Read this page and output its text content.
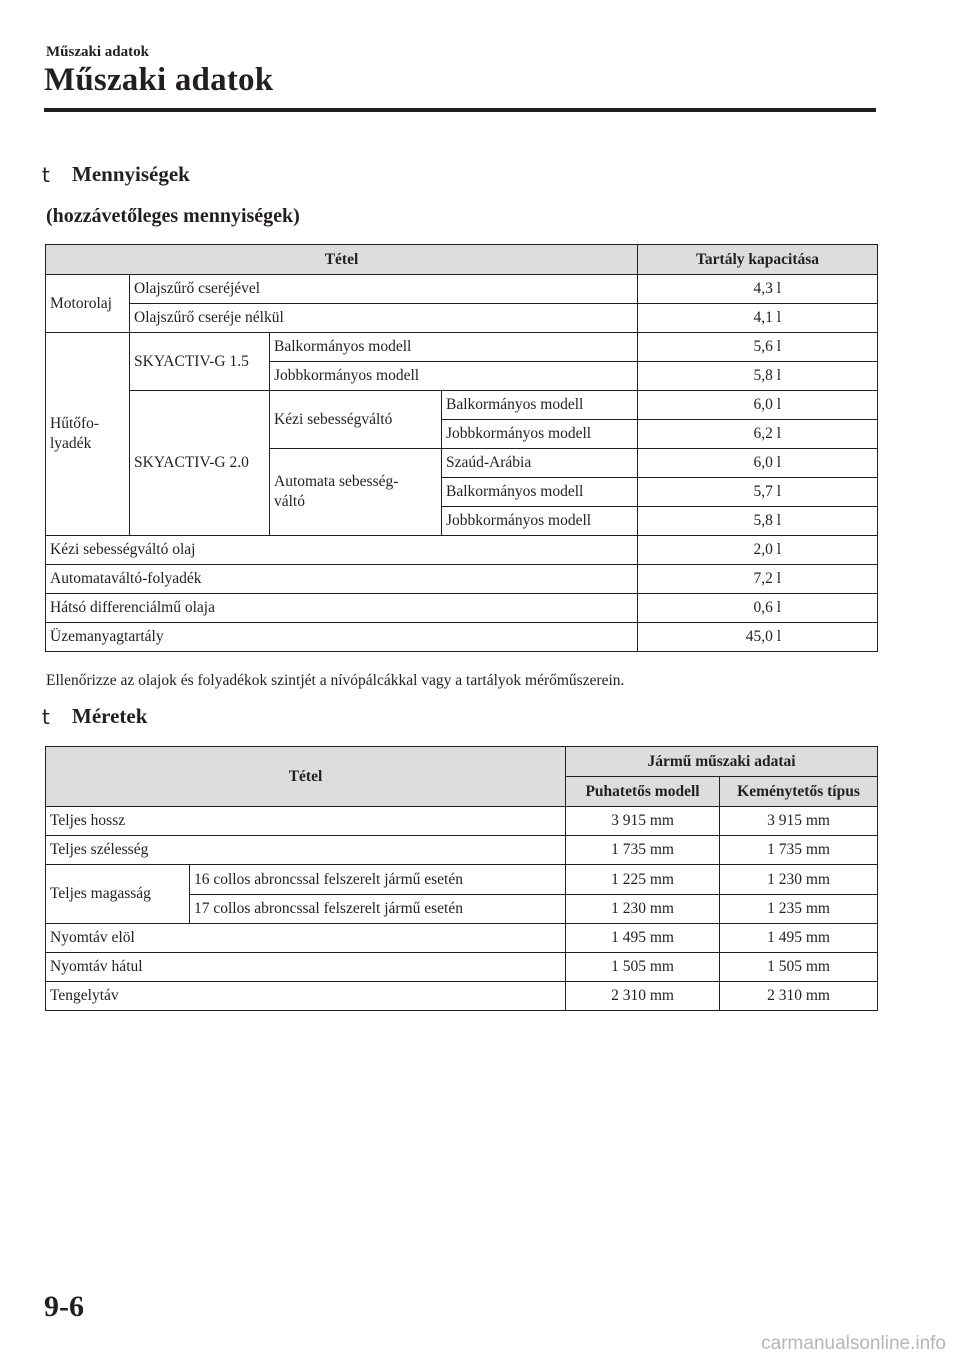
Műszaki adatok
Műszaki adatok
t	Mennyiségek
(hozzávetőleges mennyiségek)
Tétel				Tartály kapacitása
Motorolaj	Olajszűrő cseréjével			4,3 l
	Olajszűrő cseréje nélkül			4,1 l
Hűtőfo-
lyadék	SKYACTIV-G 1.5	Balkormányos modell		5,6 l
		Jobbkormányos modell		5,8 l
	SKYACTIV-G 2.0	Kézi sebességváltó	Balkormányos modell	6,0 l
			Jobbkormányos modell	6,2 l
		Automata sebesség-
váltó	Szaúd-Arábia	6,0 l
			Balkormányos modell	5,7 l
			Jobbkormányos modell	5,8 l
Kézi sebességváltó olaj				2,0 l
Automataváltó-folyadék				7,2 l
Hátsó differenciálmű olaja				0,6 l
Üzemanyagtartály				45,0 l
Ellenőrizze az olajok és folyadékok szintjét a nívópálcákkal vagy a tartályok mérőműszerein.
t	Méretek
Tétel		Jármű műszaki adatai	
		Puhatetős modell	Keménytetős típus
Teljes hossz		3 915 mm	3 915 mm
Teljes szélesség		1 735 mm	1 735 mm
Teljes magasság	16 collos abroncssal felszerelt jármű esetén	1 225 mm	1 230 mm
	17 collos abroncssal felszerelt jármű esetén	1 230 mm	1 235 mm
Nyomtáv elöl		1 495 mm	1 495 mm
Nyomtáv hátul		1 505 mm	1 505 mm
Tengelytáv		2 310 mm	2 310 mm
9-6
carmanualsonline.info
